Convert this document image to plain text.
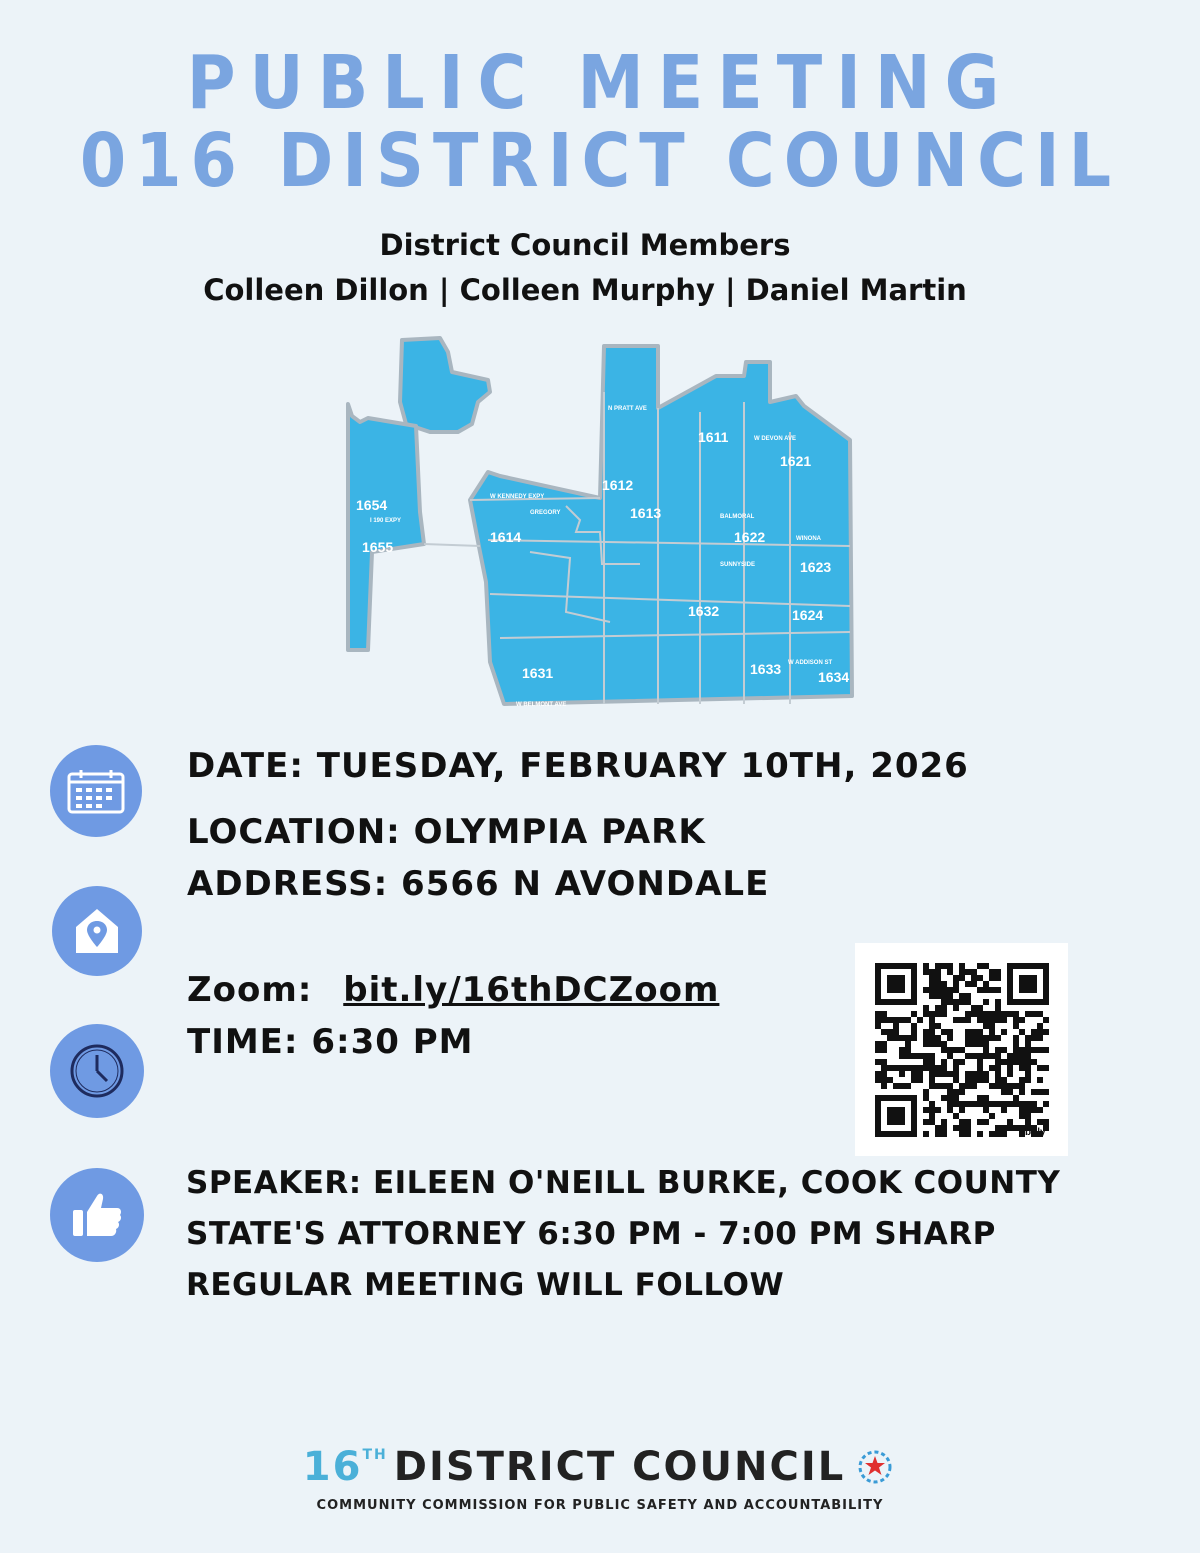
PUBLIC MEETING
016 DISTRICT COUNCIL
District Council Members
Colleen Dillon | Colleen Murphy | Daniel Martin
1654
1655
1614
1612
1613
1611
1621
1622
1623
1624
1632
1631	1633	1634
W KENNEDY EXPY
N PRATT AVE
W DEVON AVE
W BELMONT AVE
W ADDISON ST
I 190 EXPY
BALMORAL
SUNNYSIDE
GREGORY
WINONA
DATE: TUESDAY, FEBRUARY 10TH, 2026
LOCATION: OLYMPIA PARK
ADDRESS: 6566 N AVONDALE
Zoom: bit.ly/16thDCZoom
TIME: 6:30 PM
bitly
SPEAKER: EILEEN O'NEILL BURKE, COOK COUNTY
STATE'S ATTORNEY 6:30 PM - 7:00 PM SHARP
REGULAR MEETING WILL FOLLOW
16 TH DISTRICT COUNCIL
COMMUNITY COMMISSION FOR PUBLIC SAFETY AND ACCOUNTABILITY
